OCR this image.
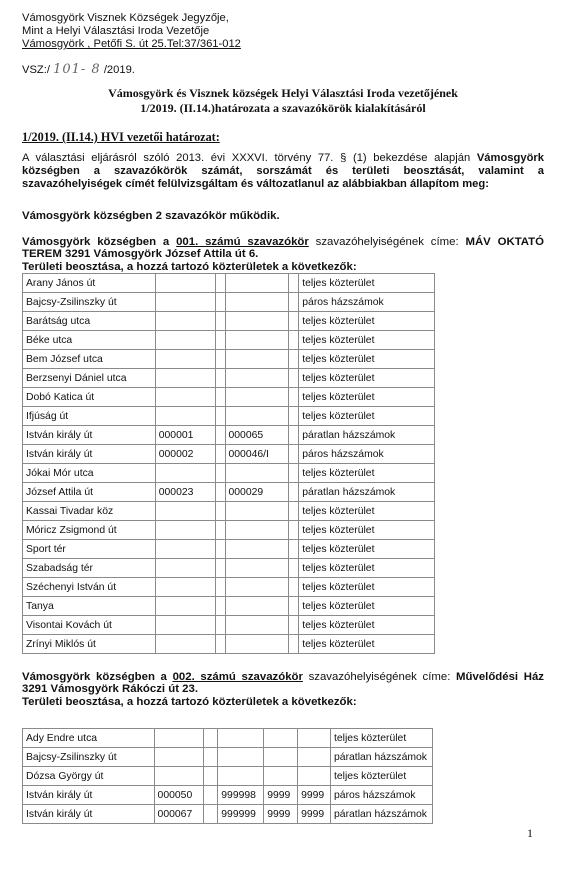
Vámosgyörk Visznek Községek Jegyzője,
Mint a Helyi Választási Iroda Vezetője
Vámosgyörk , Petőfi S. út 25.Tel:37/361-012
VSZ:/ 101- 8 /2019.
Vámosgyörk és Visznek községek Helyi Választási Iroda vezetőjének
1/2019. (II.14.)határozata a szavazókörök kialakításáról
1/2019. (II.14.) HVI vezetői határozat:
A választási eljárásról szóló 2013. évi XXXVI. törvény 77. § (1) bekezdése alapján Vámosgyörk községben a szavazókörök számát, sorszámát és területi beosztását, valamint a szavazóhelyiségek címét felülvizsgáltam és változatlanul az alábbiakban állapítom meg:
Vámosgyörk községben 2 szavazókör működik.
Vámosgyörk községben a 001. számú szavazókör szavazóhelyiségének címe: MÁV OKTATÓ TEREM 3291 Vámosgyörk József Attila út 6.
Területi beosztása, a hozzá tartozó közterületek a következők:
Arany János út					teljes közterület
Bajcsy-Zsilinszky út					páros házszámok
Barátság utca					teljes közterület
Béke utca					teljes közterület
Bem József utca					teljes közterület
Berzsenyi Dániel utca					teljes közterület
Dobó Katica út					teljes közterület
Ifjúság út					teljes közterület
István király út	000001		000065		páratlan házszámok
István király út	000002		000046/I		páros házszámok
Jókai Mór utca					teljes közterület
József Attila út	000023		000029		páratlan házszámok
Kassai Tivadar köz					teljes közterület
Móricz Zsigmond út					teljes közterület
Sport tér					teljes közterület
Szabadság tér					teljes közterület
Széchenyi István út					teljes közterület
Tanya					teljes közterület
Visontai Kovách út					teljes közterület
Zrínyi Miklós út					teljes közterület
Vámosgyörk községben a 002. számú szavazókör szavazóhelyiségének címe: Művelődési Ház 3291 Vámosgyörk Rákóczi út 23.
Területi beosztása, a hozzá tartozó közterületek a következők:
Ady Endre utca						teljes közterület
Bajcsy-Zsilinszky út						páratlan házszámok
Dózsa György út						teljes közterület
István király út	000050		999998	9999	9999	páros házszámok
István király út	000067		999999	9999	9999	páratlan házszámok
1
